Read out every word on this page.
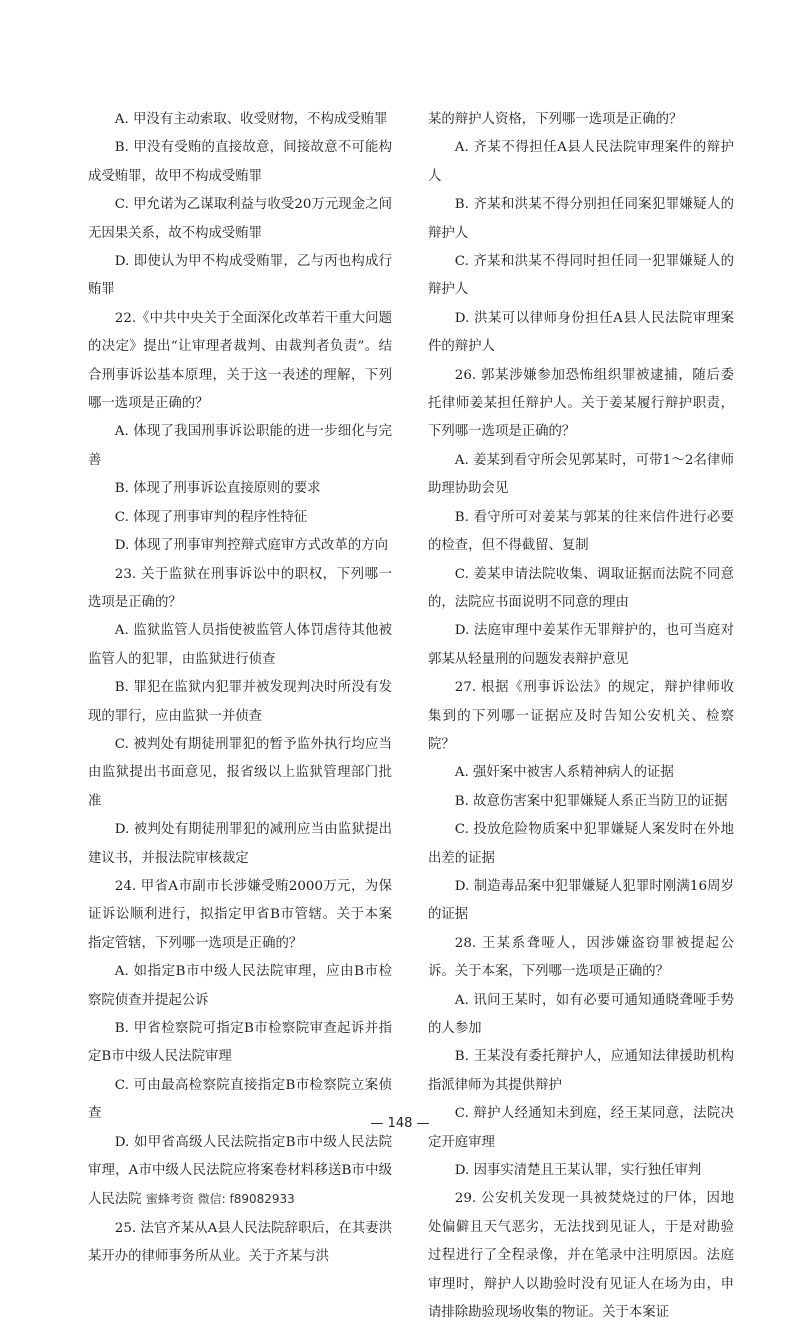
A. 甲没有主动索取、收受财物，不构成受贿罪

B. 甲没有受贿的直接故意，间接故意不可能构成受贿罪，故甲不构成受贿罪

C. 甲允诺为乙谋取利益与收受20万元现金之间无因果关系，故不构成受贿罪

D. 即使认为甲不构成受贿罪，乙与丙也构成行贿罪

22.《中共中央关于全面深化改革若干重大问题的决定》提出“让审理者裁判、由裁判者负责”。结合刑事诉讼基本原理，关于这一表述的理解，下列哪一选项是正确的？

A. 体现了我国刑事诉讼职能的进一步细化与完善

B. 体现了刑事诉讼直接原则的要求

C. 体现了刑事审判的程序性特征

D. 体现了刑事审判控辩式庭审方式改革的方向

23. 关于监狱在刑事诉讼中的职权，下列哪一选项是正确的？

A. 监狱监管人员指使被监管人体罚虐待其他被监管人的犯罪，由监狱进行侦查

B. 罪犯在监狱内犯罪并被发现判决时所没有发现的罪行，应由监狱一并侦查

C. 被判处有期徒刑罪犯的暂予监外执行均应当由监狱提出书面意见，报省级以上监狱管理部门批准

D. 被判处有期徒刑罪犯的减刑应当由监狱提出建议书，并报法院审核裁定

24. 甲省A市副市长涉嫌受贿2000万元，为保证诉讼顺利进行，拟指定甲省B市管辖。关于本案指定管辖，下列哪一选项是正确的？

A. 如指定B市中级人民法院审理，应由B市检察院侦查并提起公诉

B. 甲省检察院可指定B市检察院审查起诉并指定B市中级人民法院审理

C. 可由最高检察院直接指定B市检察院立案侦查

D. 如甲省高级人民法院指定B市中级人民法院审理，A市中级人民法院应将案卷材料移送B市中级人民法院 蜜蜂考资 微信: f89082933

25. 法官齐某从A县人民法院辞职后，在其妻洪某开办的律师事务所从业。关于齐某与洪

某的辩护人资格，下列哪一选项是正确的？

A. 齐某不得担任A县人民法院审理案件的辩护人

B. 齐某和洪某不得分别担任同案犯罪嫌疑人的辩护人

C. 齐某和洪某不得同时担任同一犯罪嫌疑人的辩护人

D. 洪某可以律师身份担任A县人民法院审理案件的辩护人

26. 郭某涉嫌参加恐怖组织罪被逮捕，随后委托律师姜某担任辩护人。关于姜某履行辩护职责，下列哪一选项是正确的？

A. 姜某到看守所会见郭某时，可带1～2名律师助理协助会见

B. 看守所可对姜某与郭某的往来信件进行必要的检查，但不得截留、复制

C. 姜某申请法院收集、调取证据而法院不同意的，法院应书面说明不同意的理由

D. 法庭审理中姜某作无罪辩护的，也可当庭对郭某从轻量刑的问题发表辩护意见

27. 根据《刑事诉讼法》的规定，辩护律师收集到的下列哪一证据应及时告知公安机关、检察院？

A. 强奸案中被害人系精神病人的证据

B. 故意伤害案中犯罪嫌疑人系正当防卫的证据

C. 投放危险物质案中犯罪嫌疑人案发时在外地出差的证据

D. 制造毒品案中犯罪嫌疑人犯罪时刚满16周岁的证据

28. 王某系聋哑人，因涉嫌盗窃罪被提起公诉。关于本案，下列哪一选项是正确的？

A. 讯问王某时，如有必要可通知通晓聋哑手势的人参加

B. 王某没有委托辩护人，应通知法律援助机构指派律师为其提供辩护

C. 辩护人经通知未到庭，经王某同意，法院决定开庭审理

D. 因事实清楚且王某认罪，实行独任审判

29. 公安机关发现一具被焚烧过的尸体，因地处偏僻且天气恶劣，无法找到见证人，于是对勘验过程进行了全程录像，并在笔录中注明原因。法庭审理时，辩护人以勘验时没有见证人在场为由，申请排除勘验现场收集的物证。关于本案证

— 148 —
